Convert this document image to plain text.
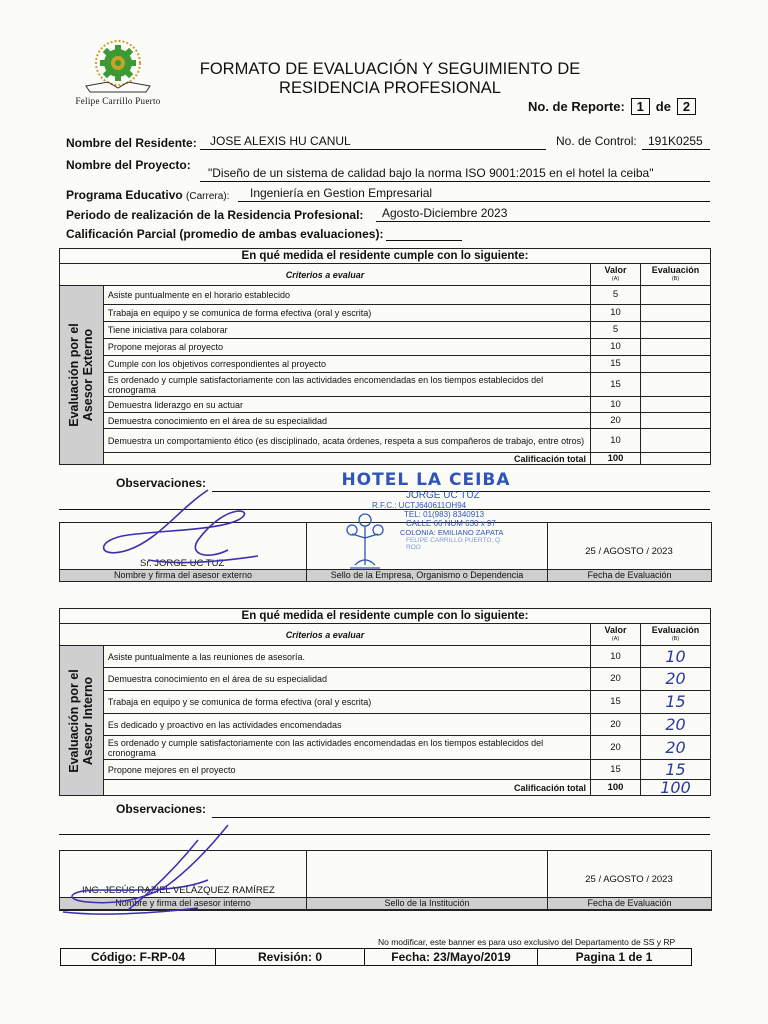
Felipe Carrillo Puerto
FORMATO DE EVALUACIÓN Y SEGUIMIENTO DE
RESIDENCIA PROFESIONAL
No. de Reporte: 1 de 2
Nombre del Residente: JOSE ALEXIS HU CANUL	No. de Control: 191K0255
Nombre del Proyecto:
"Diseño de un sistema de calidad bajo la norma ISO 9001:2015 en el hotel la ceiba"
Programa Educativo (Carrera): Ingeniería en Gestion Empresarial
Periodo de realización de la Residencia Profesional: Agosto-Diciembre 2023
Calificación Parcial (promedio de ambas evaluaciones):
En qué medida el residente cumple con lo siguiente:			
Criterios a evaluar		Valor
(A)	Evaluación
(B)

Evaluación por el Asesor Externo	Asiste puntualmente en el horario establecido	5	
	Trabaja en equipo y se comunica de forma efectiva (oral y escrita)	10	
	Tiene iniciativa para colaborar	5	
	Propone mejoras al proyecto	10	
	Cumple con los objetivos correspondientes al proyecto	15	
	Es ordenado y cumple satisfactoriamente con las actividades encomendadas en los tiempos establecidos del cronograma	15	
	Demuestra liderazgo en su actuar	10	
	Demuestra conocimiento en el área de su especialidad	20	
	Demuestra un comportamiento ético (es disciplinado, acata órdenes, respeta a sus compañeros de trabajo, entre otros)	10	
	Calificación total	100	
Observaciones:
Sr. JORGE UC TUZ
25 / AGOSTO / 2023
Nombre y firma del asesor externo	Sello de la Empresa, Organismo o Dependencia	Fecha de Evaluación
HOTEL LA CEIBA
JORGE UC TUZ
R.F.C.: UCTJ640611OH94
TEL: 01(983) 8340913
CALLE 66 NUM 630 x 97
COLONIA: EMILIANO ZAPATA
FELIPE CARRILLO PUERTO, Q. ROO
En qué medida el residente cumple con lo siguiente:			
Criterios a evaluar		Valor
(A)	Evaluación
(B)

Evaluación por el Asesor Interno	Asiste puntualmente a las reuniones de asesoría.	10	10
	Demuestra conocimiento en el área de su especialidad	20	20
	Trabaja en equipo y se comunica de forma efectiva (oral y escrita)	15	15
	Es dedicado y proactivo en las actividades encomendadas	20	20
	Es ordenado y cumple satisfactoriamente con las actividades encomendadas en los tiempos establecidos del cronograma	20	20
	Propone mejores en el proyecto	15	15
	Calificación total	100	100
Observaciones:
ING. JESÚS RAZIEL VELÁZQUEZ RAMÍREZ
25 / AGOSTO / 2023
Nombre y firma del asesor interno	Sello de la Institución	Fecha de Evaluación
No modificar, este banner es para uso exclusivo del Departamento de SS y RP
Código: F-RP-04	Revisión: 0	Fecha: 23/Mayo/2019	Pagina 1 de 1
